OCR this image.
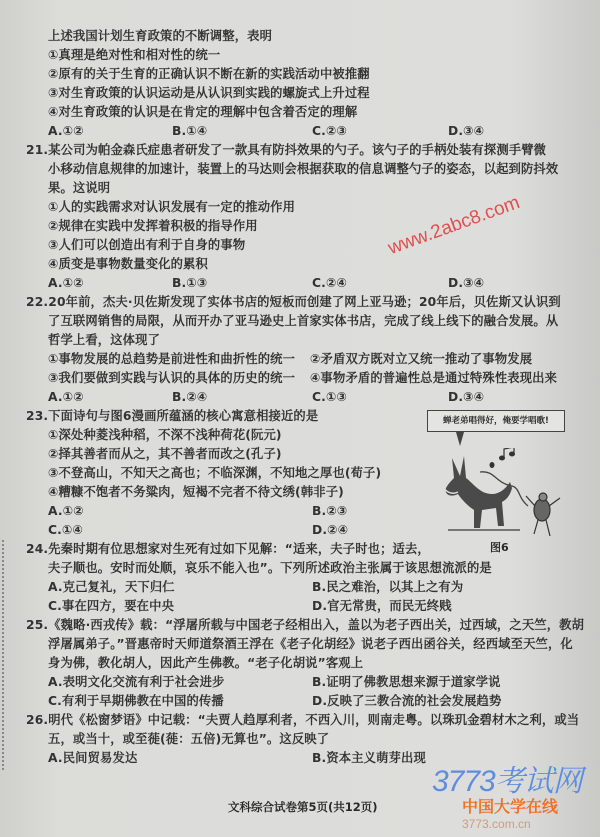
上述我国计划生育政策的不断调整，表明
①真理是绝对性和相对性的统一
②原有的关于生育的正确认识不断在新的实践活动中被推翻
③对生育政策的认识运动是从认识到实践的螺旋式上升过程
④对生育政策的认识是在肯定的理解中包含着否定的理解
A.①②	B.①④	C.②③	D.③④
21.某公司为帕金森氏症患者研发了一款具有防抖效果的勺子。该勺子的手柄处装有探测手臂微
小移动信息规律的加速计，装置上的马达则会根据获取的信息调整勺子的姿态，以起到防抖效
果。这说明
①人的实践需求对认识发展有一定的推动作用
②规律在实践中发挥着积极的指导作用
③人们可以创造出有利于自身的事物
④质变是事物数量变化的累积
A.①②	B.①③	C.②④	D.③④
22.20年前，杰夫·贝佐斯发现了实体书店的短板而创建了网上亚马逊；20年后，贝佐斯又认识到
了互联网销售的局限，从而开办了亚马逊史上首家实体书店，完成了线上线下的融合发展。从
哲学上看，这体现了
①事物发展的总趋势是前进性和曲折性的统一 ②矛盾双方既对立又统一推动了事物发展
③我们要做到实践与认识的具体的历史的统一 ④事物矛盾的普遍性总是通过特殊性表现出来
A.①②	B.②④	C.①③	D.③④
23.下面诗句与图6漫画所蕴涵的核心寓意相接近的是
①深处种菱浅种稻，不深不浅种荷花(阮元)
②择其善者而从之，其不善者而改之(孔子)
③不登高山，不知天之高也；不临深渊，不知地之厚也(荀子)
④糟糠不饱者不务粱肉，短褐不完者不待文绣(韩非子)
A.①②	B.②③
C.①④	D.②④
蝉老弟唱得好，俺要学唱歌!
图6
24.先秦时期有位思想家对生死有过如下见解：“适来，夫子时也；适去，
夫子顺也。安时而处顺，哀乐不能入也”。下列所述政治主张属于该思想流派的是
A.克己复礼，天下归仁	B.民之难治，以其上之有为
C.事在四方，要在中央	D.官无常贵，而民无终贱
25.《魏略·西戎传》载：“浮屠所载与中国老子经相出入，盖以为老子西出关，过西域，之天竺，教胡
浮屠属弟子。”晋惠帝时天师道祭酒王浮在《老子化胡经》说老子西出函谷关，经西域至天竺，化
身为佛，教化胡人，因此产生佛教。“老子化胡说”客观上
A.表明文化交流有利于社会进步	B.证明了佛教思想来源于道家学说
C.有利于早期佛教在中国的传播	D.反映了三教合流的社会发展趋势
26.明代《松窗梦语》中记载：“夫贾人趋厚利者，不西入川，则南走粤。以珠玑金碧材木之利，或当
五，或当十，或至蓰(蓰：五倍)无算也”。这反映了
A.民间贸易发达	B.资本主义萌芽出现
文科综合试卷第5页(共12页)
www.2abc8.com
3773考试网
中国大学在线
3773.com.cn
